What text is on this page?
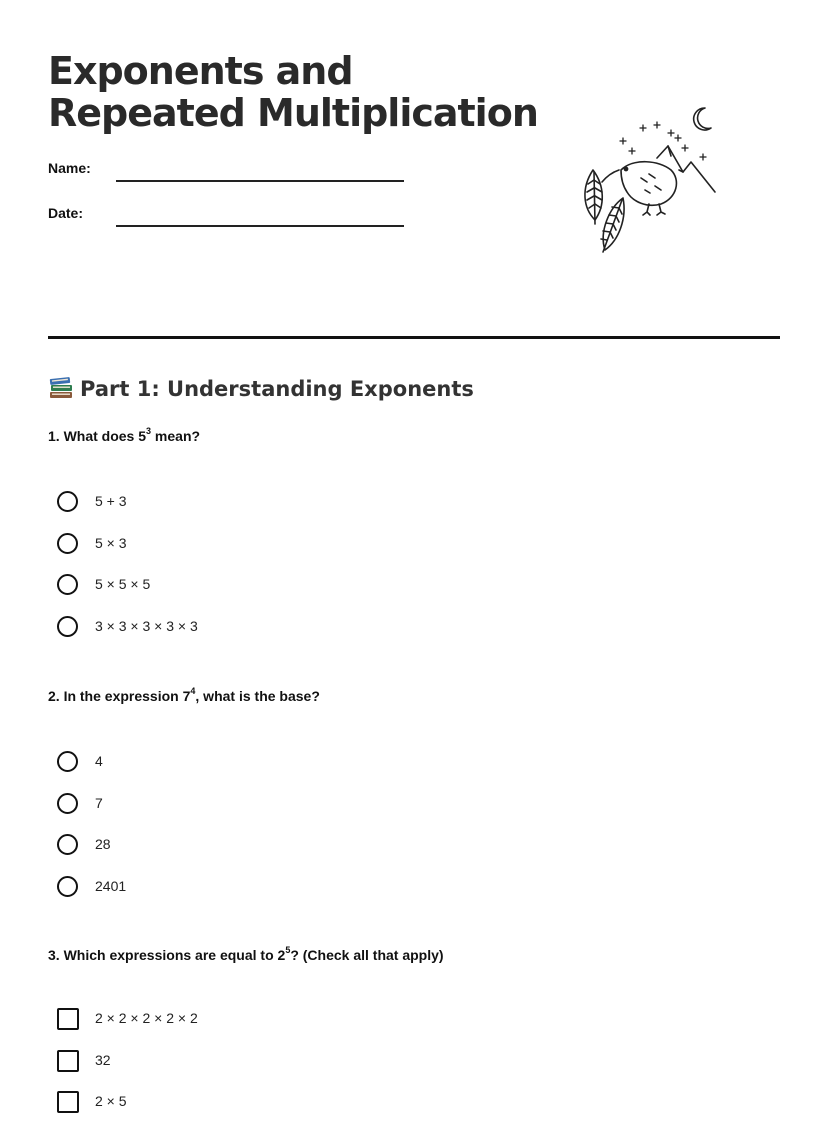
Exponents and
Repeated Multiplication
Name:
Date:
Part 1: Understanding Exponents

1. What does $5^3$ mean?

5 + 3
5 × 3
5 × 5 × 5
3 × 3 × 3 × 3 × 3

2. In the expression $7^4$, what is the base?

4
7
28
2401

3. Which expressions are equal to $2^5$? (Check all that apply)

2 × 2 × 2 × 2 × 2
32
2 × 5
